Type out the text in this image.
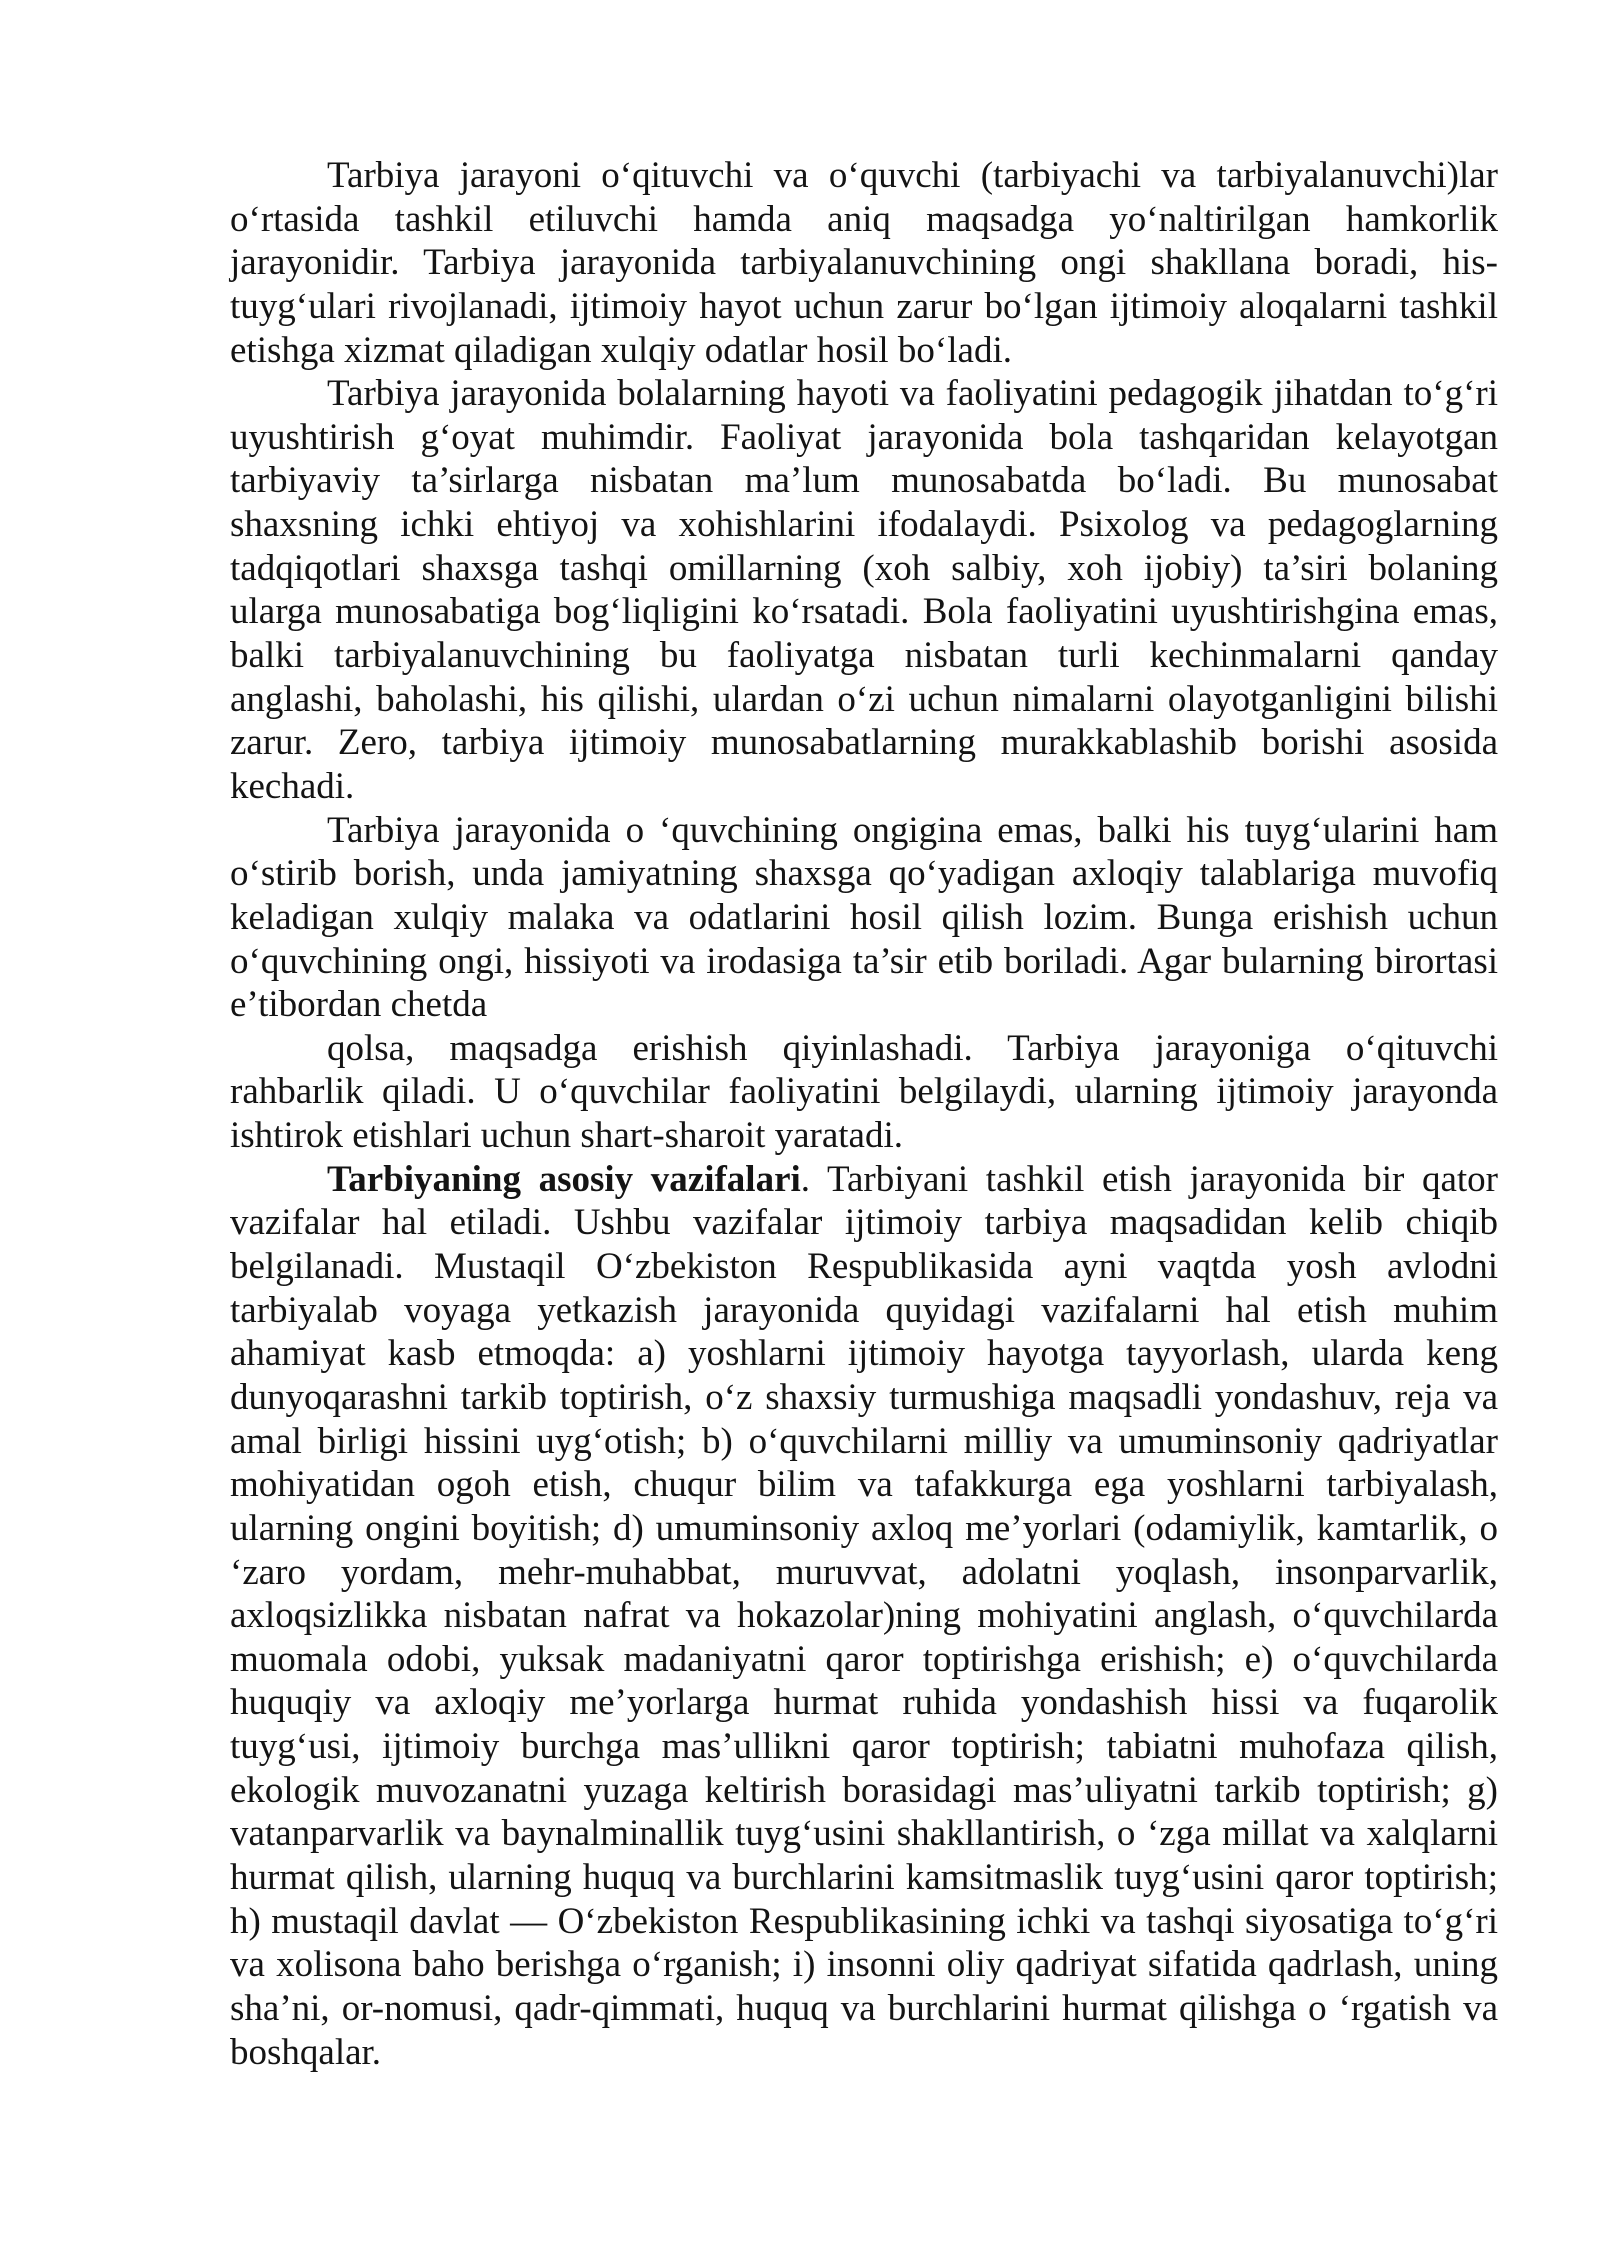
Tarbiya jarayoni o‘qituvchi va o‘quvchi (tarbiyachi va tarbiyalanuvchi)lar
o‘rtasida tashkil etiluvchi hamda aniq maqsadga yo‘naltirilgan hamkorlik
jarayonidir. Tarbiya jarayonida tarbiyalanuvchining ongi shakllana boradi, his-
tuyg‘ulari rivojlanadi, ijtimoiy hayot uchun zarur bo‘lgan ijtimoiy aloqalarni tashkil
etishga xizmat qiladigan xulqiy odatlar hosil bo‘ladi.
Tarbiya jarayonida bolalarning hayoti va faoliyatini pedagogik jihatdan to‘g‘ri
uyushtirish g‘oyat muhimdir. Faoliyat jarayonida bola tashqaridan kelayotgan
tarbiyaviy ta’sirlarga nisbatan ma’lum munosabatda bo‘ladi. Bu munosabat
shaxsning ichki ehtiyoj va xohishlarini ifodalaydi. Psixolog va pedagoglarning
tadqiqotlari shaxsga tashqi omillarning (xoh salbiy, xoh ijobiy) ta’siri bolaning
ularga munosabatiga bog‘liqligini ko‘rsatadi. Bola faoliyatini uyushtirishgina emas,
balki tarbiyalanuvchining bu faoliyatga nisbatan turli kechinmalarni qanday
anglashi, baholashi, his qilishi, ulardan o‘zi uchun nimalarni olayotganligini bilishi
zarur. Zero, tarbiya ijtimoiy munosabatlarning murakkablashib borishi asosida
kechadi.
Tarbiya jarayonida o ‘quvchining ongigina emas, balki his tuyg‘ularini ham
o‘stirib borish, unda jamiyatning shaxsga qo‘yadigan axloqiy talablariga muvofiq
keladigan xulqiy malaka va odatlarini hosil qilish lozim. Bunga erishish uchun
o‘quvchining ongi, hissiyoti va irodasiga ta’sir etib boriladi. Agar bularning birortasi
e’tibordan chetda
qolsa, maqsadga erishish qiyinlashadi. Tarbiya jarayoniga o‘qituvchi
rahbarlik qiladi. U o‘quvchilar faoliyatini belgilaydi, ularning ijtimoiy jarayonda
ishtirok etishlari uchun shart-sharoit yaratadi.
Tarbiyaning asosiy vazifalari. Tarbiyani tashkil etish jarayonida bir qator
vazifalar hal etiladi. Ushbu vazifalar ijtimoiy tarbiya maqsadidan kelib chiqib
belgilanadi. Mustaqil O‘zbekiston Respublikasida ayni vaqtda yosh avlodni
tarbiyalab voyaga yetkazish jarayonida quyidagi vazifalarni hal etish muhim
ahamiyat kasb etmoqda: a) yoshlarni ijtimoiy hayotga tayyorlash, ularda keng
dunyoqarashni tarkib toptirish, o‘z shaxsiy turmushiga maqsadli yondashuv, reja va
amal birligi hissini uyg‘otish; b) o‘quvchilarni milliy va umuminsoniy qadriyatlar
mohiyatidan ogoh etish, chuqur bilim va tafakkurga ega yoshlarni tarbiyalash,
ularning ongini boyitish; d) umuminsoniy axloq me’yorlari (odamiylik, kamtarlik, o
‘zaro yordam, mehr-muhabbat, muruvvat, adolatni yoqlash, insonparvarlik,
axloqsizlikka nisbatan nafrat va hokazolar)ning mohiyatini anglash, o‘quvchilarda
muomala odobi, yuksak madaniyatni qaror toptirishga erishish; e) o‘quvchilarda
huquqiy va axloqiy me’yorlarga hurmat ruhida yondashish hissi va fuqarolik
tuyg‘usi, ijtimoiy burchga mas’ullikni qaror toptirish; tabiatni muhofaza qilish,
ekologik muvozanatni yuzaga keltirish borasidagi mas’uliyatni tarkib toptirish; g)
vatanparvarlik va baynalminallik tuyg‘usini shakllantirish, o ‘zga millat va xalqlarni
hurmat qilish, ularning huquq va burchlarini kamsitmaslik tuyg‘usini qaror toptirish;
h) mustaqil davlat — O‘zbekiston Respublikasining ichki va tashqi siyosatiga to‘g‘ri
va xolisona baho berishga o‘rganish; i) insonni oliy qadriyat sifatida qadrlash, uning
sha’ni, or-nomusi, qadr-qimmati, huquq va burchlarini hurmat qilishga o ‘rgatish va
boshqalar.
